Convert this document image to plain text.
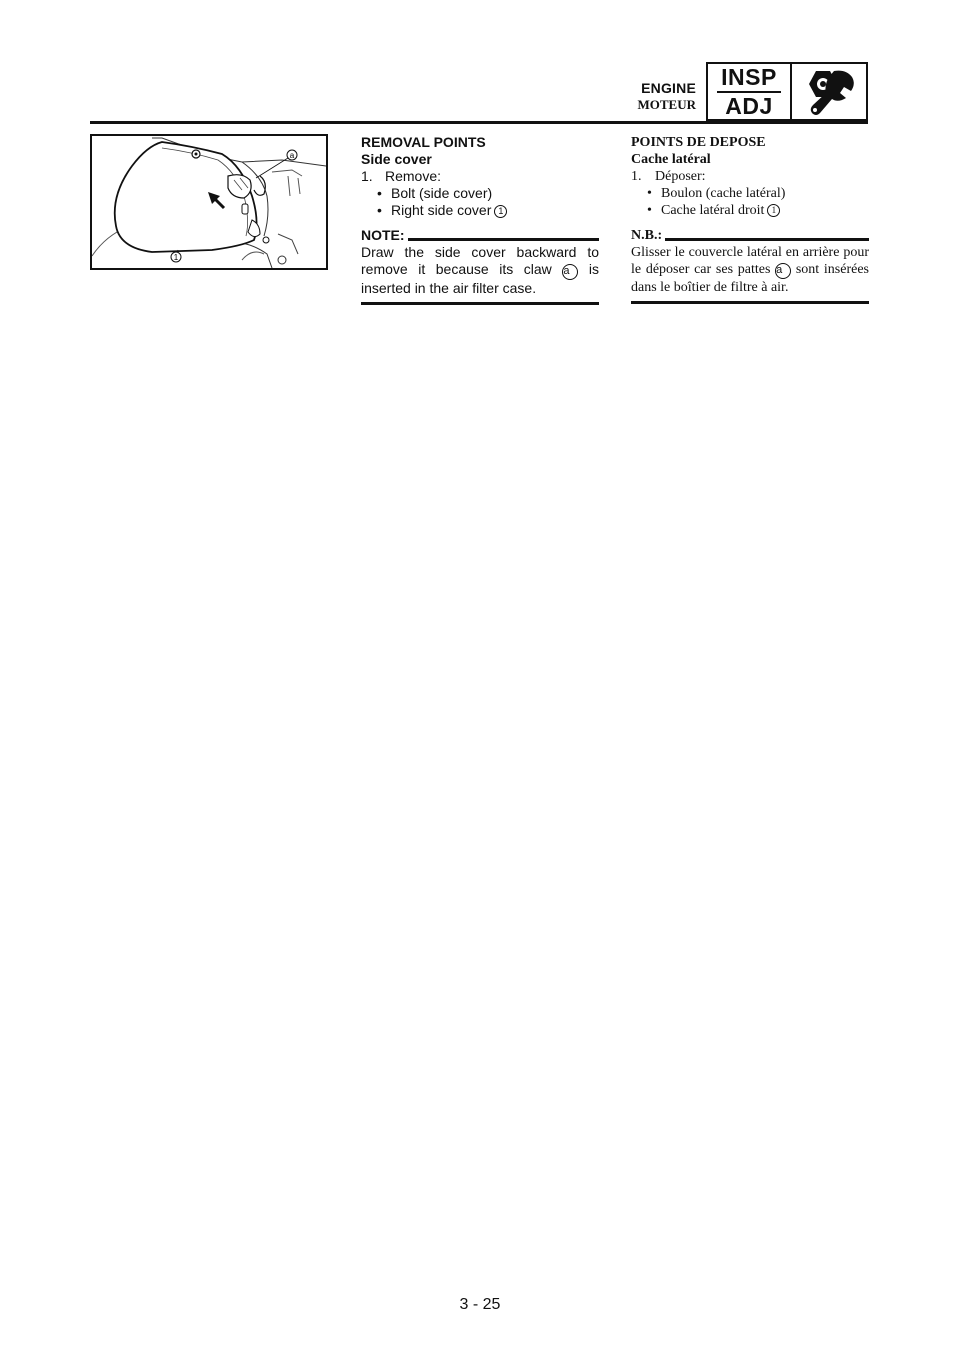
ENGINE
MOTEUR
INSP
ADJ
a
1
REMOVAL POINTS
Side cover
1. Remove:
• Bolt (side cover)
• Right side cover 1
NOTE:
Draw the side cover backward to remove it because its claw a is inserted in the air filter case.
POINTS DE DEPOSE
Cache latéral
1. Déposer:
• Boulon (cache latéral)
• Cache latéral droit 1
N.B.:
Glisser le couvercle latéral en arrière pour le déposer car ses pattes a sont insérées dans le boîtier de filtre à air.
3 - 25
